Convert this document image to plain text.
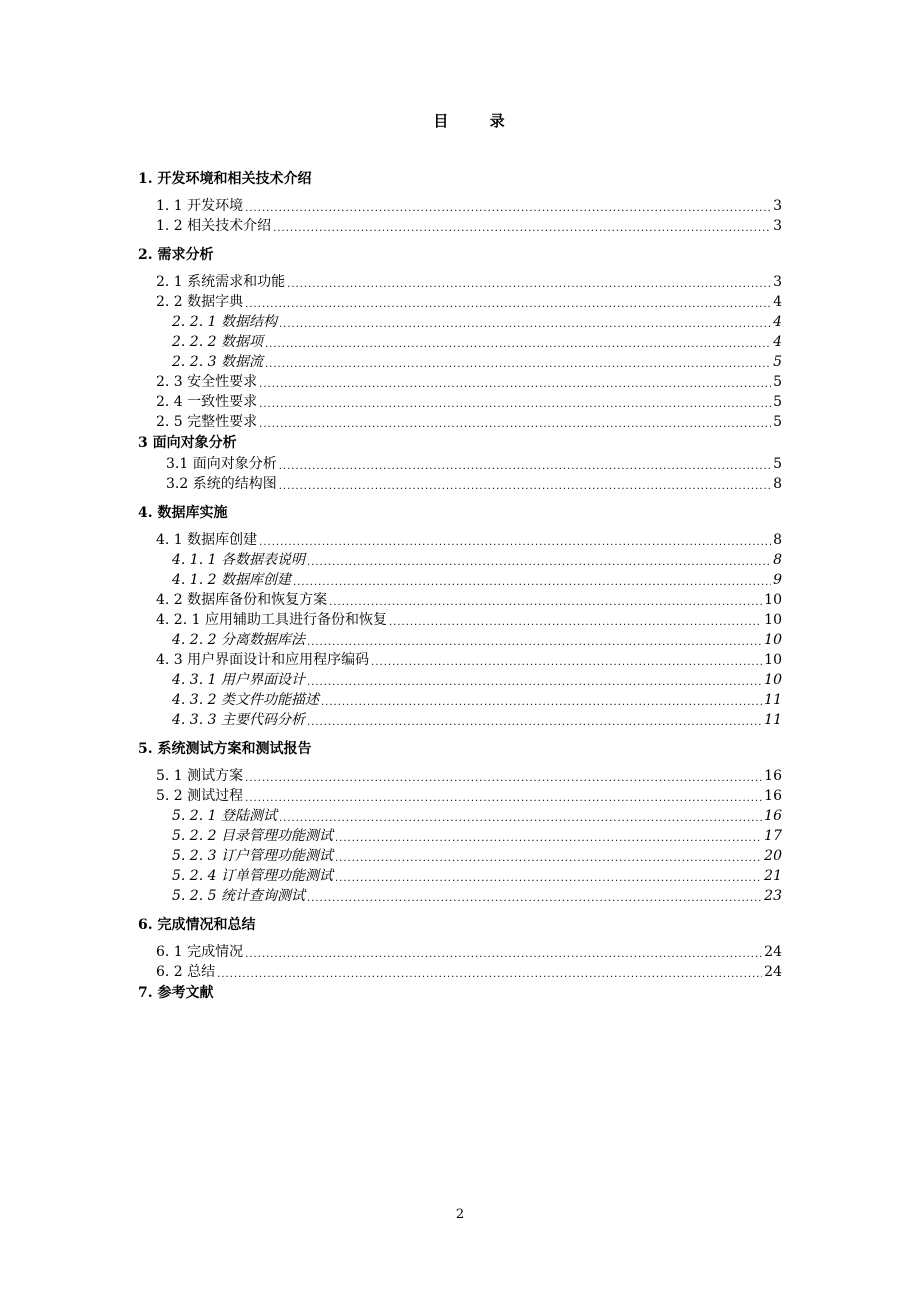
目 录
1. 开发环境和相关技术介绍
1. 1 开发环境 .....	3
1. 2 相关技术介绍 .....	3
2. 需求分析
2. 1 系统需求和功能 .....	3
2. 2 数据字典 .....	4
2. 2. 1 数据结构 .....	4
2. 2. 2 数据项 .....	4
2. 2. 3 数据流 .....	5
2. 3 安全性要求 .....	5
2. 4 一致性要求 .....	5
2. 5 完整性要求 .....	5
3 面向对象分析
3.1 面向对象分析 .....	5
3.2 系统的结构图 .....	8
4. 数据库实施
4. 1 数据库创建 .....	8
4. 1. 1 各数据表说明 .....	8
4. 1. 2 数据库创建 .....	9
4. 2 数据库备份和恢复方案 .....	10
4. 2. 1 应用辅助工具进行备份和恢复 .....	10
4. 2. 2 分离数据库法 .....	10
4. 3 用户界面设计和应用程序编码 .....	10
4. 3. 1 用户界面设计 .....	10
4. 3. 2 类文件功能描述 .....	11
4. 3. 3 主要代码分析 .....	11
5. 系统测试方案和测试报告
5. 1 测试方案 .....	16
5. 2 测试过程 .....	16
5. 2. 1 登陆测试 .....	16
5. 2. 2 目录管理功能测试 .....	17
5. 2. 3 订户管理功能测试 .....	20
5. 2. 4 订单管理功能测试 .....	21
5. 2. 5 统计查询测试 .....	23
6. 完成情况和总结
6. 1 完成情况 .....	24
6. 2 总结 .....	24
7. 参考文献
2
